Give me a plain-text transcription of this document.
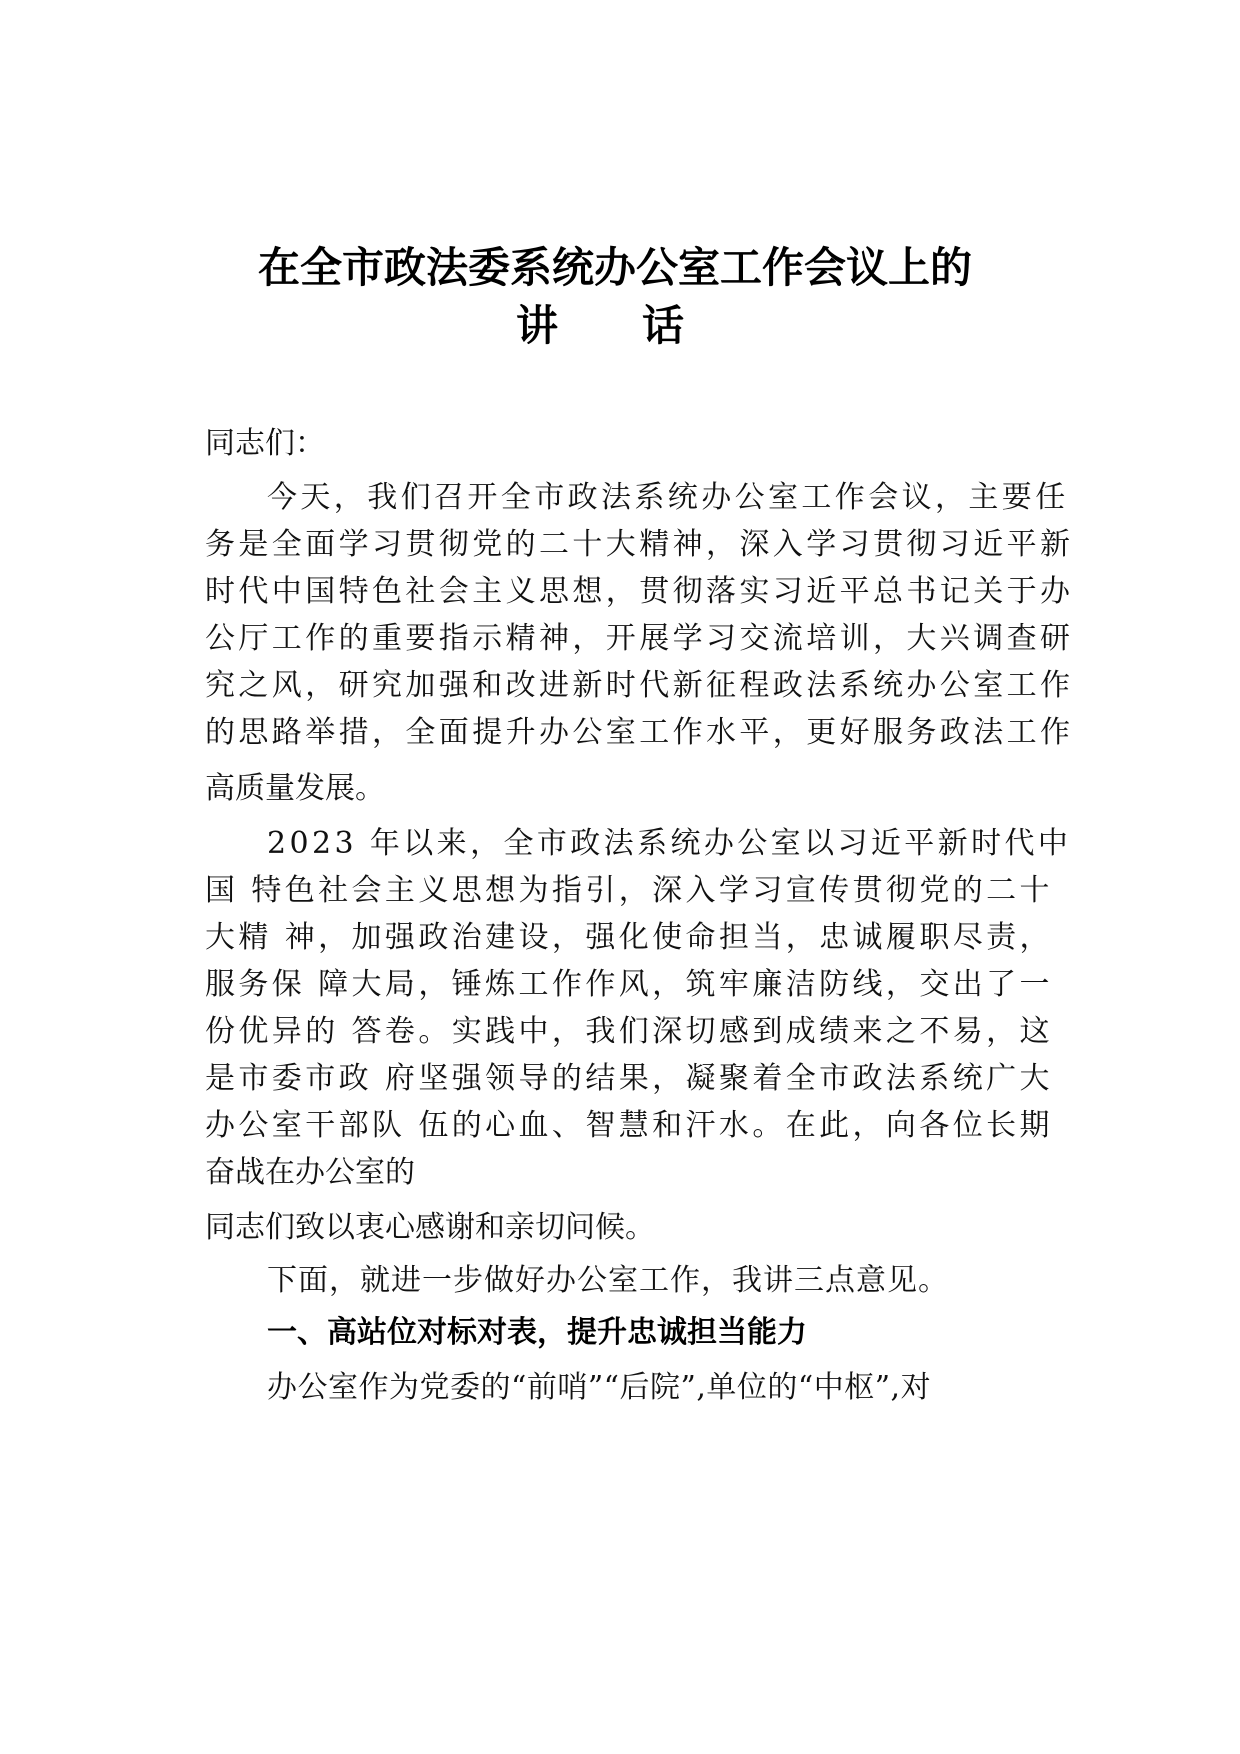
在全市政法委系统办公室工作会议上的
讲　　话
同志们：
今天，我们召开全市政法系统办公室工作会议，主要任
务是全面学习贯彻党的二十大精神，深入学习贯彻习近平新
时代中国特色社会主义思想，贯彻落实习近平总书记关于办
公厅工作的重要指示精神，开展学习交流培训，大兴调查研
究之风，研究加强和改进新时代新征程政法系统办公室工作
的思路举措，全面提升办公室工作水平，更好服务政法工作
高质量发展。
2023 年以来，全市政法系统办公室以习近平新时代中
国 特色社会主义思想为指引，深入学习宣传贯彻党的二十
大精 神，加强政治建设，强化使命担当，忠诚履职尽责，
服务保 障大局，锤炼工作作风，筑牢廉洁防线，交出了一
份优异的 答卷。实践中，我们深切感到成绩来之不易，这
是市委市政 府坚强领导的结果，凝聚着全市政法系统广大
办公室干部队 伍的心血、智慧和汗水。在此，向各位长期
奋战在办公室的
同志们致以衷心感谢和亲切问候。
下面，就进一步做好办公室工作，我讲三点意见。
一、高站位对标对表，提升忠诚担当能力
办公室作为党委的“前哨”“后院”,单位的“中枢”,对
